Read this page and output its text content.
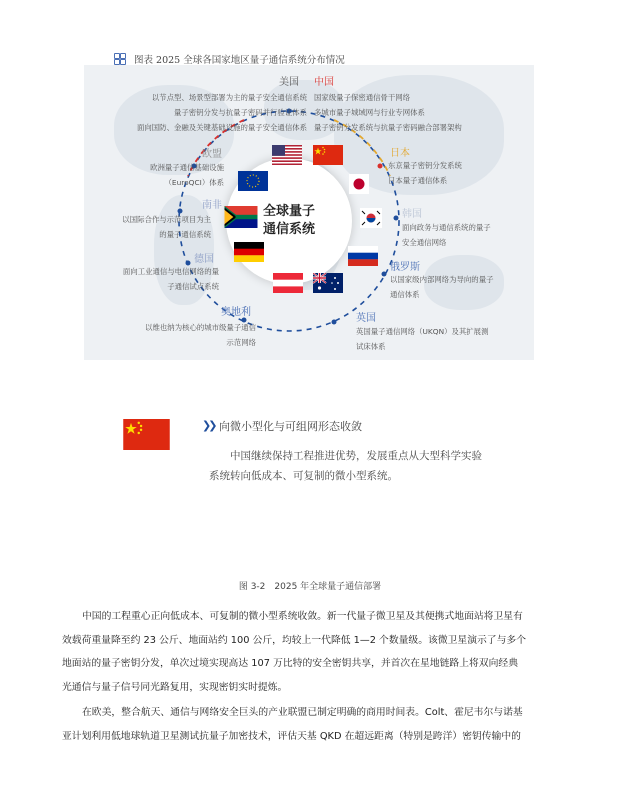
图表 2025 全球各国家地区量子通信系统分布情况
美国
以节点型、场景型部署为主的量子安全通信系统
量子密钥分发与抗量子密码并行验证体系
面向国防、金融及关键基础设施的量子安全通信体系
欧盟
欧洲量子通信基础设施
（EuroQCI）体系
南非
以国际合作与示范项目为主
的量子通信系统
德国
面向工业通信与电信网络的量
子通信试点系统
奥地利
以维也纳为核心的城市级量子通信
示范网络
中国
国家级量子保密通信骨干网络
多城市量子城域网与行业专网体系
量子密钥分发系统与抗量子密码融合部署架构
日本
东京量子密钥分发系统
日本量子通信体系
韩国
面向政务与通信系统的量子
安全通信网络
俄罗斯
以国家级内部网络为导向的量子
通信体系
英国
英国量子通信网络（UKQN）及其扩展测
试床体系
全球量子
通信系统
❯❯ 向微小型化与可组网形态收敛
中国继续保持工程推进优势，发展重点从大型科学实验
系统转向低成本、可复制的微小型系统。
图 3-2　2025 年全球量子通信部署
中国的工程重心正向低成本、可复制的微小型系统收敛。新一代量子微卫星及其便携式地面站将卫星有
效载荷重量降至约 23 公斤、地面站约 100 公斤，均较上一代降低 1—2 个数量级。该微卫星演示了与多个
地面站的量子密钥分发，单次过境实现高达 107 万比特的安全密钥共享，并首次在星地链路上将双向经典
光通信与量子信号同光路复用，实现密钥实时提炼。
在欧美，整合航天、通信与网络安全巨头的产业联盟已制定明确的商用时间表。Colt、霍尼韦尔与诺基
亚计划利用低地球轨道卫星测试抗量子加密技术，评估天基 QKD 在超远距离（特别是跨洋）密钥传输中的
